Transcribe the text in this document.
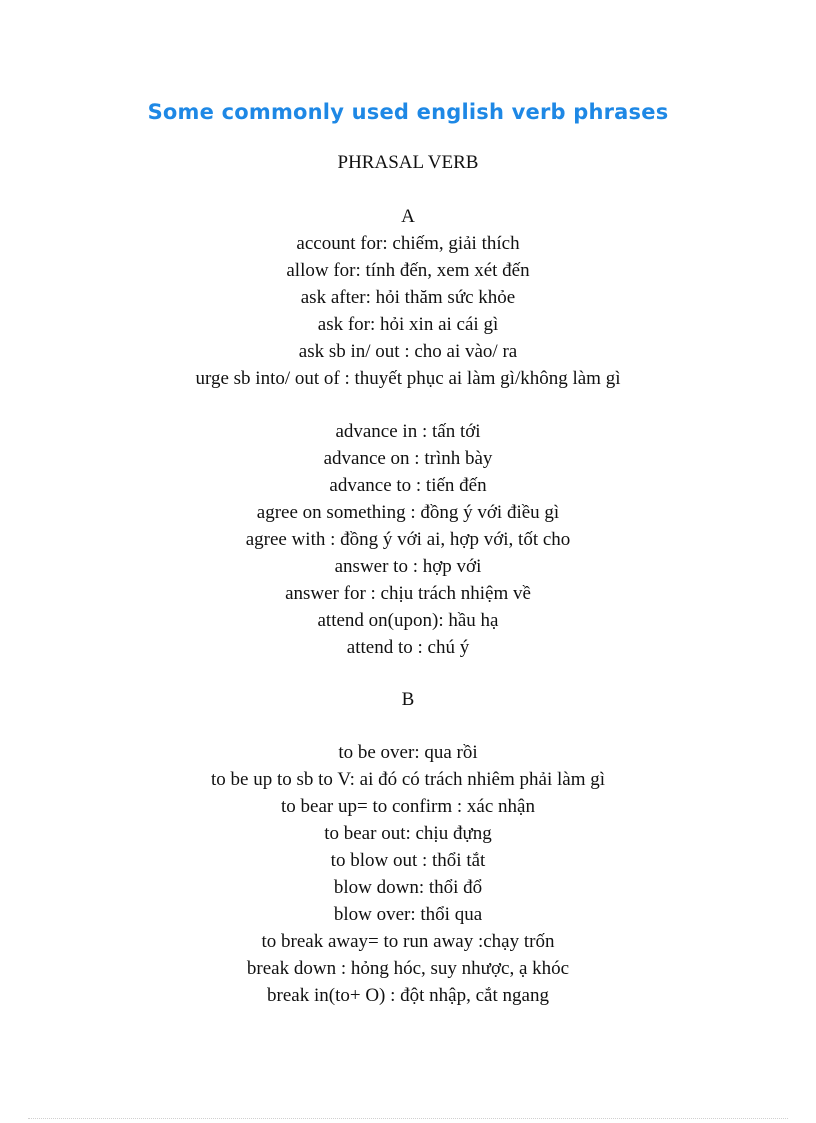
Some commonly used english verb phrases
PHRASAL VERB
A
account for: chiếm, giải thích
allow for: tính đến, xem xét đến
ask after: hỏi thăm sức khỏe
ask for: hỏi xin ai cái gì
ask sb in/ out : cho ai vào/ ra
urge sb into/ out of : thuyết phục ai làm gì/không làm gì
advance in : tấn tới
advance on : trình bày
advance to : tiến đến
agree on something : đồng ý với điều gì
agree with : đồng ý với ai, hợp với, tốt cho
answer to : hợp với
answer for : chịu trách nhiệm về
attend on(upon): hầu hạ
attend to : chú ý
B
to be over: qua rồi
to be up to sb to V: ai đó có trách nhiêm phải làm gì
to bear up= to confirm : xác nhận
to bear out: chịu đựng
to blow out : thổi tắt
blow down: thổi đổ
blow over: thổi qua
to break away= to run away :chạy trốn
break down : hỏng hóc, suy nhược, ạ khóc
break in(to+ O) : đột nhập, cắt ngang
